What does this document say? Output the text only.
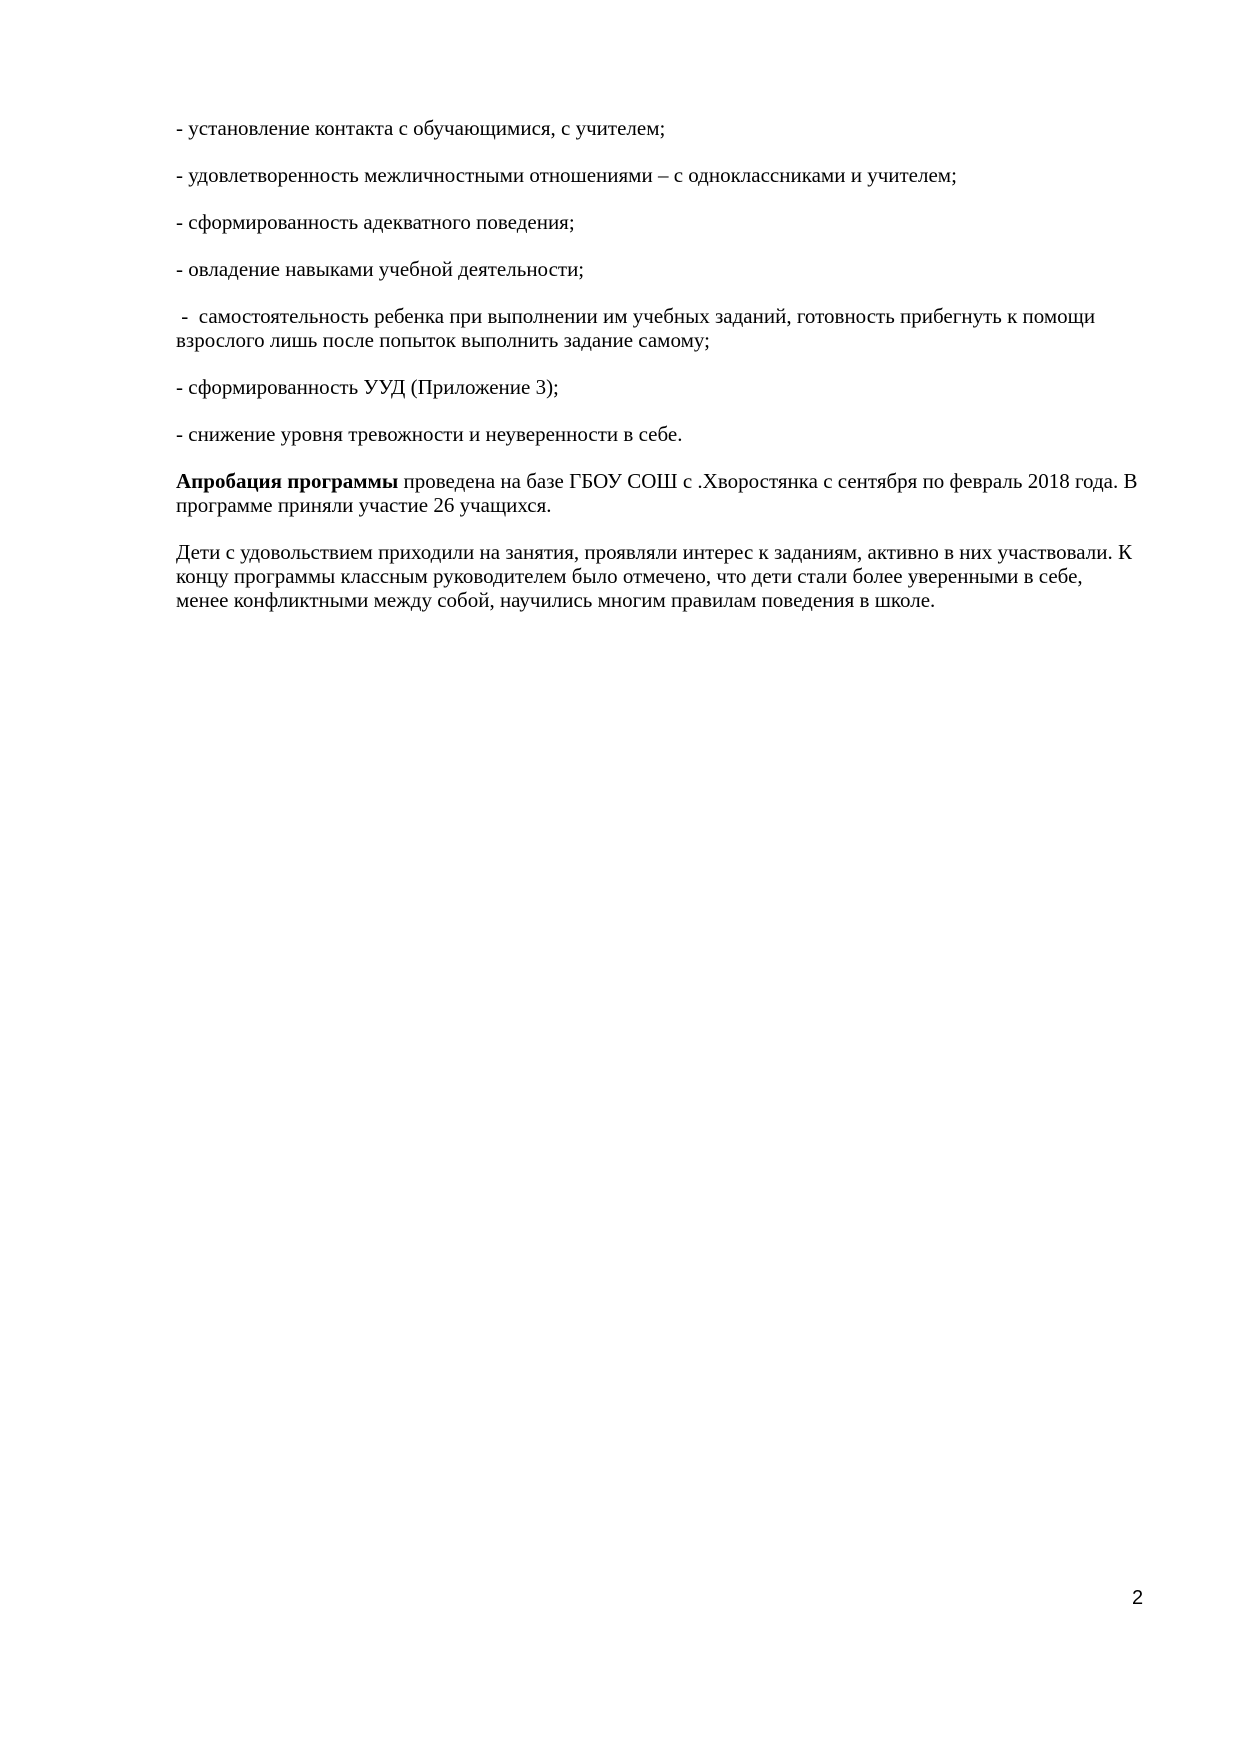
- установление контакта с обучающимися, с учителем;

- удовлетворенность межличностными отношениями – с одноклассниками и учителем;

- сформированность адекватного поведения;

- овладение навыками учебной деятельности;

-  самостоятельность ребенка при выполнении им учебных заданий, готовность прибегнуть к помощи взрослого лишь после попыток выполнить задание самому;

- сформированность УУД (Приложение 3);

- снижение уровня тревожности и неуверенности в себе.

Апробация программы проведена на базе ГБОУ СОШ с .Хворостянка с сентября по февраль 2018 года. В программе приняли участие 26 учащихся.

Дети с удовольствием приходили на занятия, проявляли интерес к заданиям, активно в них участвовали. К концу программы классным руководителем было отмечено, что дети стали более уверенными в себе, менее конфликтными между собой, научились многим правилам поведения в школе.

2
